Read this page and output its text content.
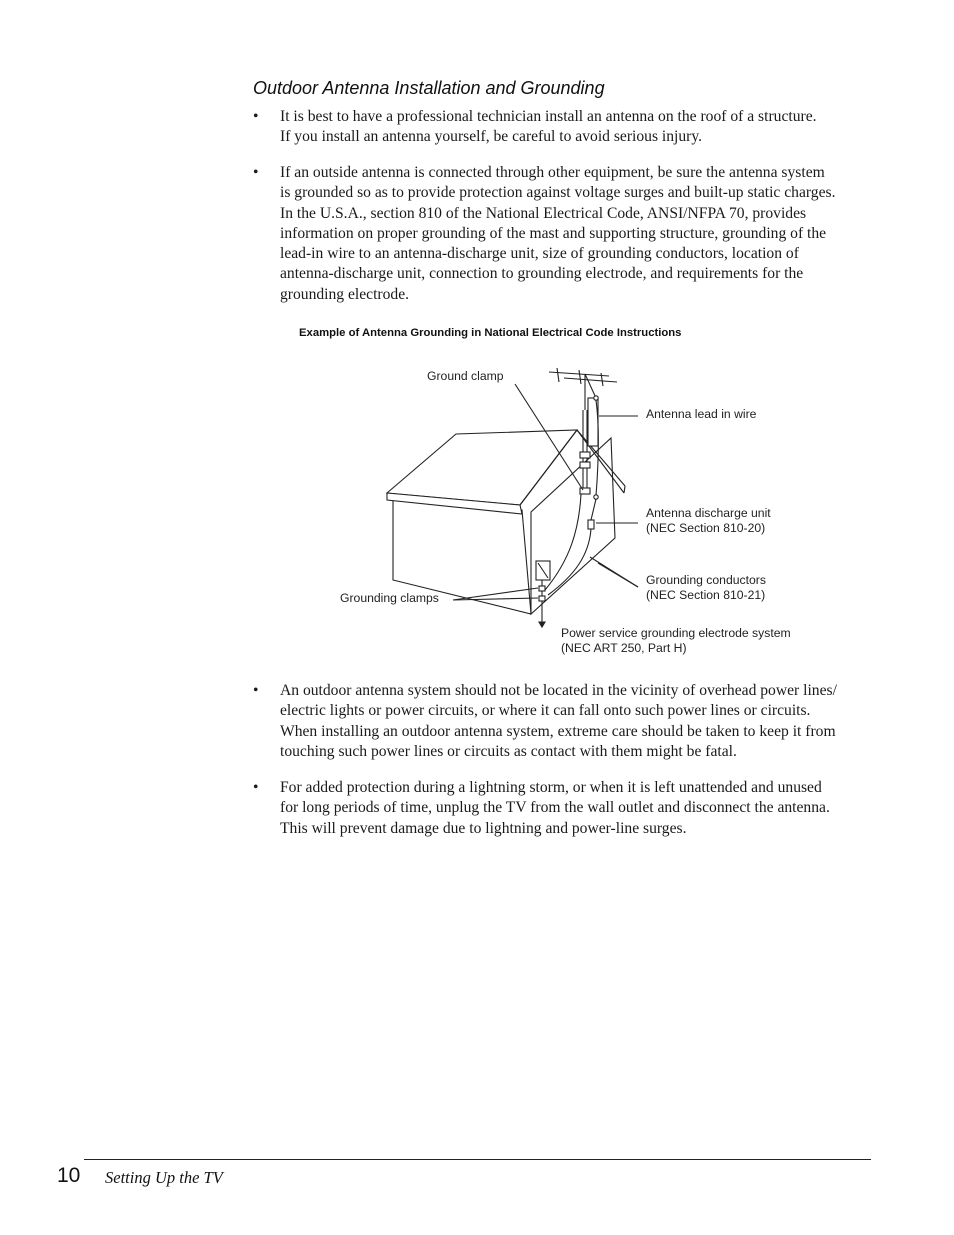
Outdoor Antenna Installation and Grounding
• It is best to have a professional technician install an antenna on the roof of a structure.
If you install an antenna yourself, be careful to avoid serious injury.
• If an outside antenna is connected through other equipment, be sure the antenna system
is grounded so as to provide protection against voltage surges and built-up static charges.
In the U.S.A., section 810 of the National Electrical Code, ANSI/NFPA 70, provides
information on proper grounding of the mast and supporting structure, grounding of the
lead-in wire to an antenna-discharge unit, size of grounding conductors, location of
antenna-discharge unit, connection to grounding electrode, and requirements for the
grounding electrode.
Example of Antenna Grounding in National Electrical Code Instructions
Ground clamp
Antenna lead in wire
Antenna discharge unit
(NEC Section 810-20)
Grounding conductors
(NEC Section 810-21)
Grounding clamps
Power service grounding electrode system
(NEC ART 250, Part H)
• An outdoor antenna system should not be located in the vicinity of overhead power lines/
electric lights or power circuits, or where it can fall onto such power lines or circuits.
When installing an outdoor antenna system, extreme care should be taken to keep it from
touching such power lines or circuits as contact with them might be fatal.
• For added protection during a lightning storm, or when it is left unattended and unused
for long periods of time, unplug the TV from the wall outlet and disconnect the antenna.
This will prevent damage due to lightning and power-line surges.
10 Setting Up the TV
